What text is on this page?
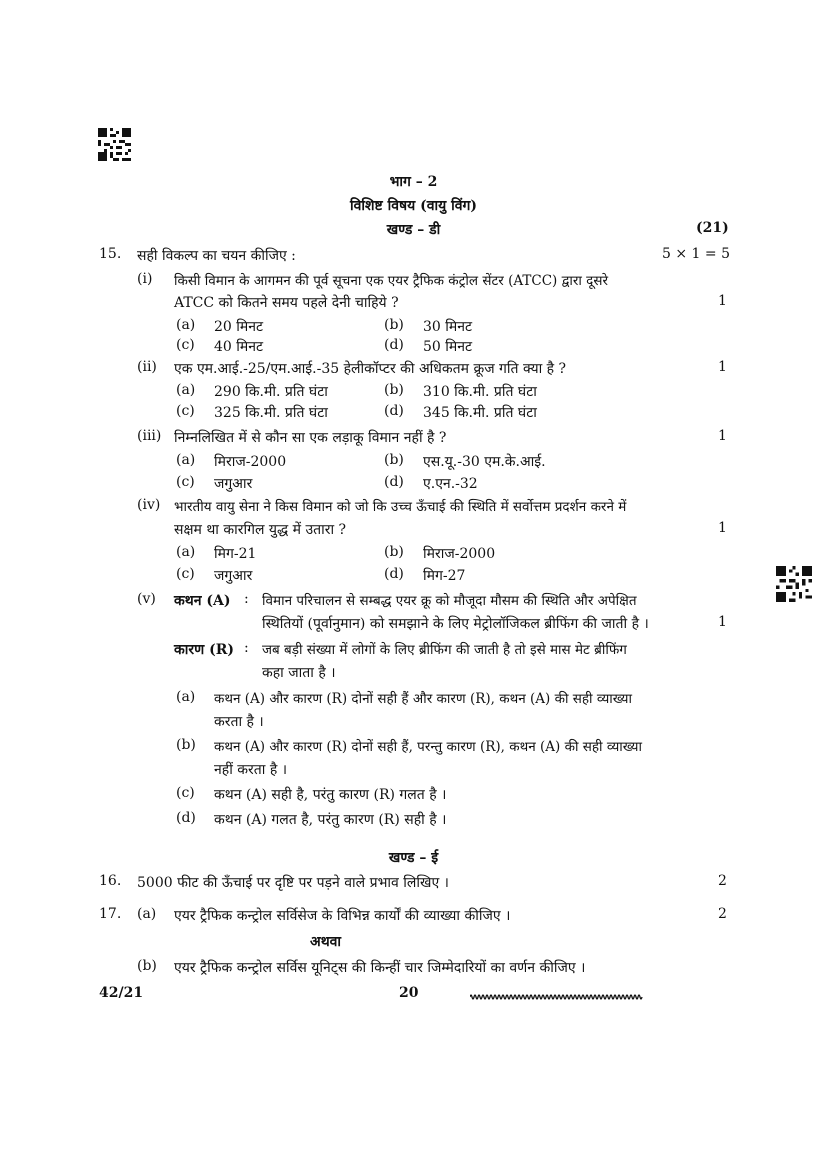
भाग – 2
विशिष्ट विषय (वायु विंग)
खण्ड – डी	(21)
15. सही विकल्प का चयन कीजिए :	5 × 1 = 5
(i) किसी विमान के आगमन की पूर्व सूचना एक एयर ट्रैफिक कंट्रोल सेंटर (ATCC) द्वारा दूसरे
ATCC को कितने समय पहले देनी चाहिये ?	1
(a) 20 मिनट	(b) 30 मिनट
(c) 40 मिनट	(d) 50 मिनट
(ii) एक एम.आई.-25/एम.आई.-35 हेलीकॉप्टर की अधिकतम क्रूज गति क्या है ?	1
(a) 290 कि.मी. प्रति घंटा	(b) 310 कि.मी. प्रति घंटा
(c) 325 कि.मी. प्रति घंटा	(d) 345 कि.मी. प्रति घंटा
(iii) निम्नलिखित में से कौन सा एक लड़ाकू विमान नहीं है ?	1
(a) मिराज-2000	(b) एस.यू.-30 एम.के.आई.
(c) जगुआर	(d) ए.एन.-32
(iv) भारतीय वायु सेना ने किस विमान को जो कि उच्च ऊँचाई की स्थिति में सर्वोत्तम प्रदर्शन करने में
सक्षम था कारगिल युद्ध में उतारा ?	1
(a) मिग-21	(b) मिराज-2000
(c) जगुआर	(d) मिग-27
(v) कथन (A) : विमान परिचालन से सम्बद्ध एयर क्रू को मौजूदा मौसम की स्थिति और अपेक्षित
स्थितियों (पूर्वानुमान) को समझाने के लिए मेट्रोलॉजिकल ब्रीफिंग की जाती है ।	1
कारण (R) : जब बड़ी संख्या में लोगों के लिए ब्रीफिंग की जाती है तो इसे मास मेट ब्रीफिंग
कहा जाता है ।
(a) कथन (A) और कारण (R) दोनों सही हैं और कारण (R), कथन (A) की सही व्याख्या
करता है ।
(b) कथन (A) और कारण (R) दोनों सही हैं, परन्तु कारण (R), कथन (A) की सही व्याख्या
नहीं करता है ।
(c) कथन (A) सही है, परंतु कारण (R) गलत है ।
(d) कथन (A) गलत है, परंतु कारण (R) सही है ।
खण्ड – ई
16. 5000 फीट की ऊँचाई पर दृष्टि पर पड़ने वाले प्रभाव लिखिए ।	2
17. (a) एयर ट्रैफिक कन्ट्रोल सर्विसेज के विभिन्न कार्यों की व्याख्या कीजिए ।	2
अथवा
(b) एयर ट्रैफिक कन्ट्रोल सर्विस यूनिट्स की किन्हीं चार जिम्मेदारियों का वर्णन कीजिए ।
42/21	20
